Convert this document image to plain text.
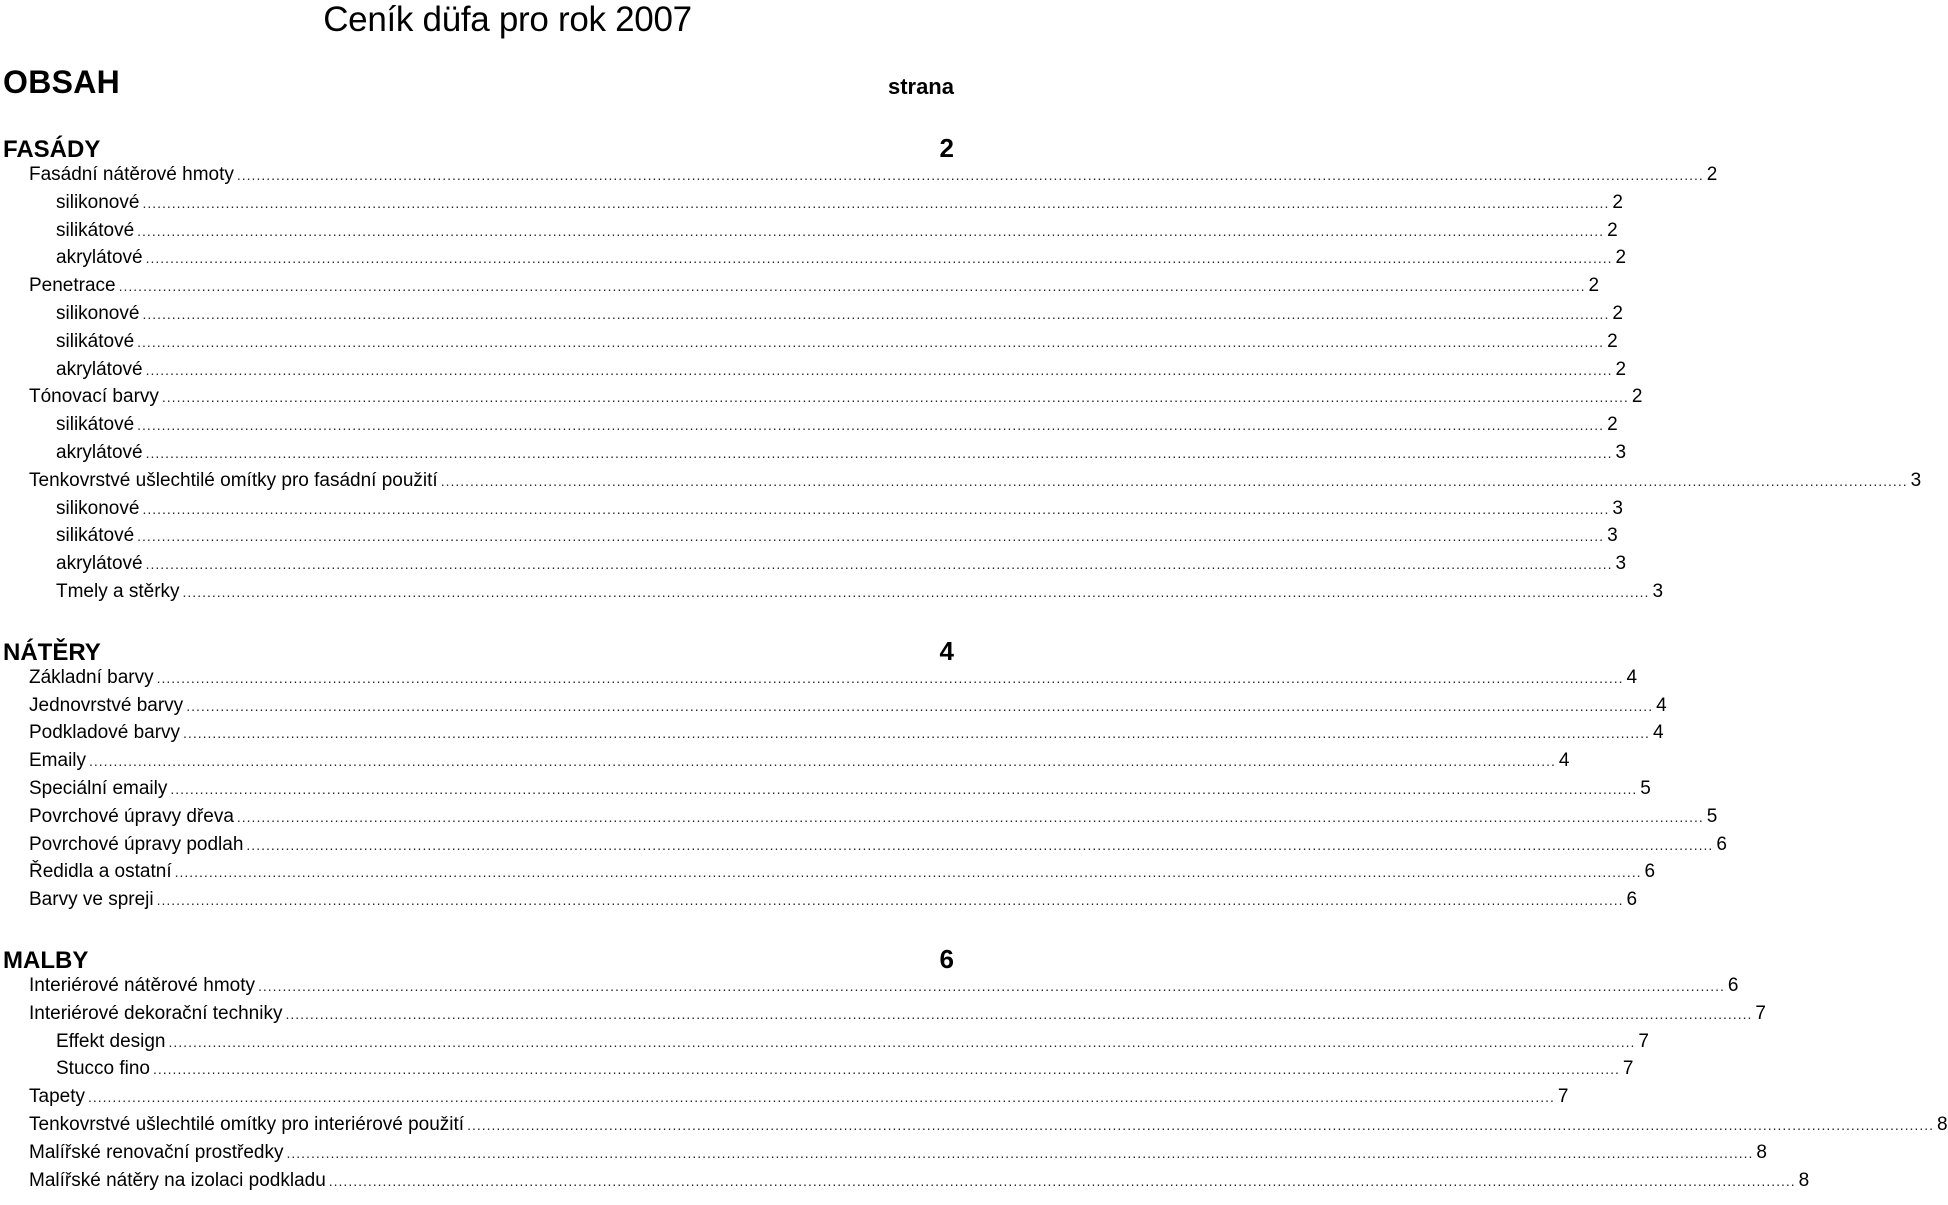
Ceník düfa pro rok 2007
OBSAH	strana
FASÁDY	2
Fasádní nátěrové hmoty ............................................................................................................................................................................................................................................................................................................ 2
silikonové ............................................................................................................................................................................................................................................................................................................ 2
silikátové ............................................................................................................................................................................................................................................................................................................ 2
akrylátové ............................................................................................................................................................................................................................................................................................................ 2
Penetrace ............................................................................................................................................................................................................................................................................................................ 2
silikonové ............................................................................................................................................................................................................................................................................................................ 2
silikátové ............................................................................................................................................................................................................................................................................................................ 2
akrylátové ............................................................................................................................................................................................................................................................................................................ 2
Tónovací barvy ............................................................................................................................................................................................................................................................................................................ 2
silikátové ............................................................................................................................................................................................................................................................................................................ 2
akrylátové ............................................................................................................................................................................................................................................................................................................ 3
Tenkovrstvé ušlechtilé omítky pro fasádní použití ............................................................................................................................................................................................................................................................................................................ 3
silikonové ............................................................................................................................................................................................................................................................................................................ 3
silikátové ............................................................................................................................................................................................................................................................................................................ 3
akrylátové ............................................................................................................................................................................................................................................................................................................ 3
Tmely a stěrky ............................................................................................................................................................................................................................................................................................................ 3
NÁTĚRY	4
Základní barvy ............................................................................................................................................................................................................................................................................................................ 4
Jednovrstvé barvy ............................................................................................................................................................................................................................................................................................................ 4
Podkladové barvy ............................................................................................................................................................................................................................................................................................................ 4
Emaily ............................................................................................................................................................................................................................................................................................................ 4
Speciální emaily ............................................................................................................................................................................................................................................................................................................ 5
Povrchové úpravy dřeva ............................................................................................................................................................................................................................................................................................................ 5
Povrchové úpravy podlah ............................................................................................................................................................................................................................................................................................................ 6
Ředidla a ostatní ............................................................................................................................................................................................................................................................................................................ 6
Barvy ve spreji ............................................................................................................................................................................................................................................................................................................ 6
MALBY	6
Interiérové nátěrové hmoty ............................................................................................................................................................................................................................................................................................................ 6
Interiérové dekorační techniky ............................................................................................................................................................................................................................................................................................................ 7
Effekt design ............................................................................................................................................................................................................................................................................................................ 7
Stucco fino ............................................................................................................................................................................................................................................................................................................ 7
Tapety ............................................................................................................................................................................................................................................................................................................ 7
Tenkovrstvé ušlechtilé omítky pro interiérové použití ............................................................................................................................................................................................................................................................................................................ 8
Malířské renovační prostředky ............................................................................................................................................................................................................................................................................................................ 8
Malířské nátěry na izolaci podkladu ............................................................................................................................................................................................................................................................................................................ 8
